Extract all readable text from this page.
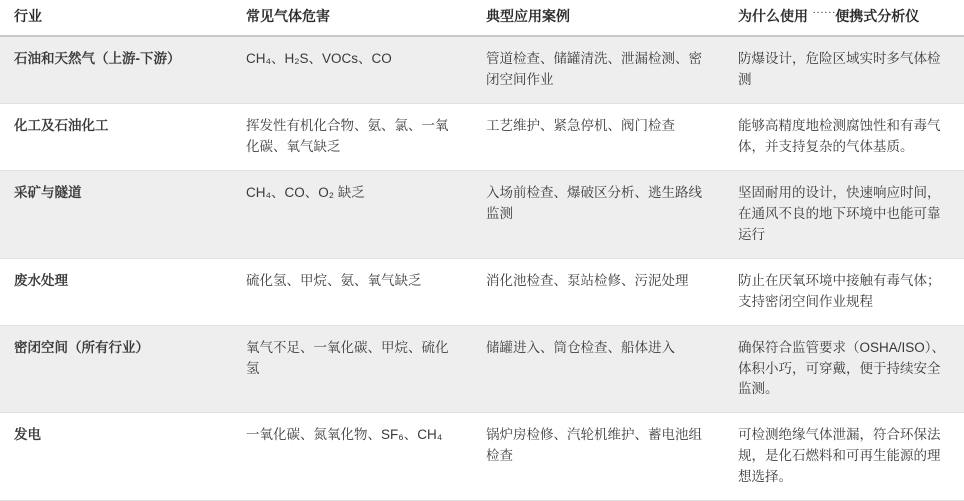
行业	常见气体危害	典型应用案例	为什么使用 ͘ ͘ ͘ ͘ ͘ ͘ 便携式分析仪
石油和天然气（上游-下游）	CH₄、H₂S、VOCs、CO	管道检查、储罐清洗、泄漏检测、密闭空间作业	防爆设计，危险区域实时多气体检测
化工及石油化工	挥发性有机化合物、氨、氯、一氧化碳、氧气缺乏	工艺维护、紧急停机、阀门检查	能够高精度地检测腐蚀性和有毒气体，并支持复杂的气体基质。
采矿与隧道	CH₄、CO、O₂ 缺乏	入场前检查、爆破区分析、逃生路线监测	坚固耐用的设计，快速响应时间，在通风不良的地下环境中也能可靠运行
废水处理	硫化氢、甲烷、氨、氧气缺乏	消化池检查、泵站检修、污泥处理	防止在厌氧环境中接触有毒气体；支持密闭空间作业规程
密闭空间（所有行业）	氧气不足、一氧化碳、甲烷、硫化氢	储罐进入、筒仓检查、船体进入	确保符合监管要求（OSHA/ISO）、体积小巧，可穿戴，便于持续安全监测。
发电	一氧化碳、氮氧化物、SF₆、CH₄	锅炉房检修、汽轮机维护、蓄电池组检查	可检测绝缘气体泄漏，符合环保法规，是化石燃料和可再生能源的理想选择。
